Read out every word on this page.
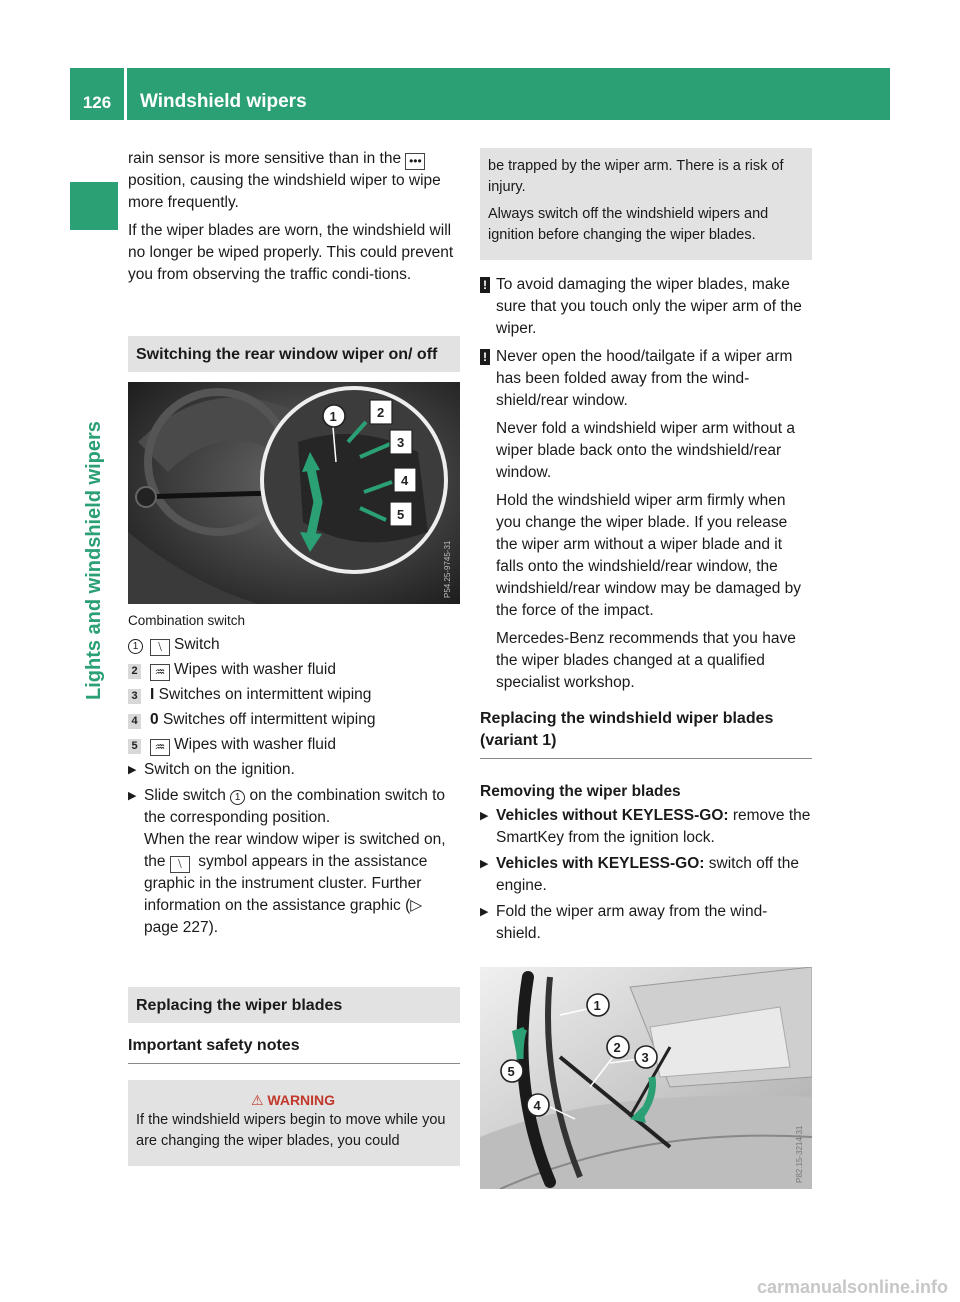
126	Windshield wipers
Lights and windshield wipers

rain sensor is more sensitive than in the ••• position, causing the windshield wiper to wipe more frequently.

If the wiper blades are worn, the windshield will no longer be wiped properly. This could prevent you from observing the traffic condi-tions.

Switching the rear window wiper on/ off
1	2
3
4
5
P54.25-9745-31
Combination switch
1	⧵ Switch
2	♒ Wipes with washer fluid
3 I Switches on intermittent wiping
4 0 Switches off intermittent wiping
5	♒ Wipes with washer fluid
▶ Switch on the ignition.
▶ Slide switch 1 on the combination switch to the corresponding position.
When the rear window wiper is switched on, the ⧵ symbol appears in the assistance graphic in the instrument cluster. Further information on the assistance graphic (▷ page 227).
Replacing the wiper blades
Important safety notes
⚠ WARNING

If the windshield wipers begin to move while you are changing the wiper blades, you could

be trapped by the wiper arm. There is a risk of injury.

Always switch off the windshield wipers and ignition before changing the wiper blades.

! To avoid damaging the wiper blades, make sure that you touch only the wiper arm of the wiper.

! Never open the hood/tailgate if a wiper arm has been folded away from the wind-shield/rear window.

Never fold a windshield wiper arm without a wiper blade back onto the windshield/rear window.

Hold the windshield wiper arm firmly when you change the wiper blade. If you release the wiper arm without a wiper blade and it falls onto the windshield/rear window, the windshield/rear window may be damaged by the force of the impact.

Mercedes-Benz recommends that you have the wiper blades changed at a qualified specialist workshop.

Replacing the windshield wiper blades (variant 1)
Removing the wiper blades
▶ Vehicles without KEYLESS-GO: remove the SmartKey from the ignition lock.
▶ Vehicles with KEYLESS-GO: switch off the engine.
▶ Fold the wiper arm away from the wind-shield.
1
2
3
4
5
P82.15-3214-31
carmanualsonline.info
